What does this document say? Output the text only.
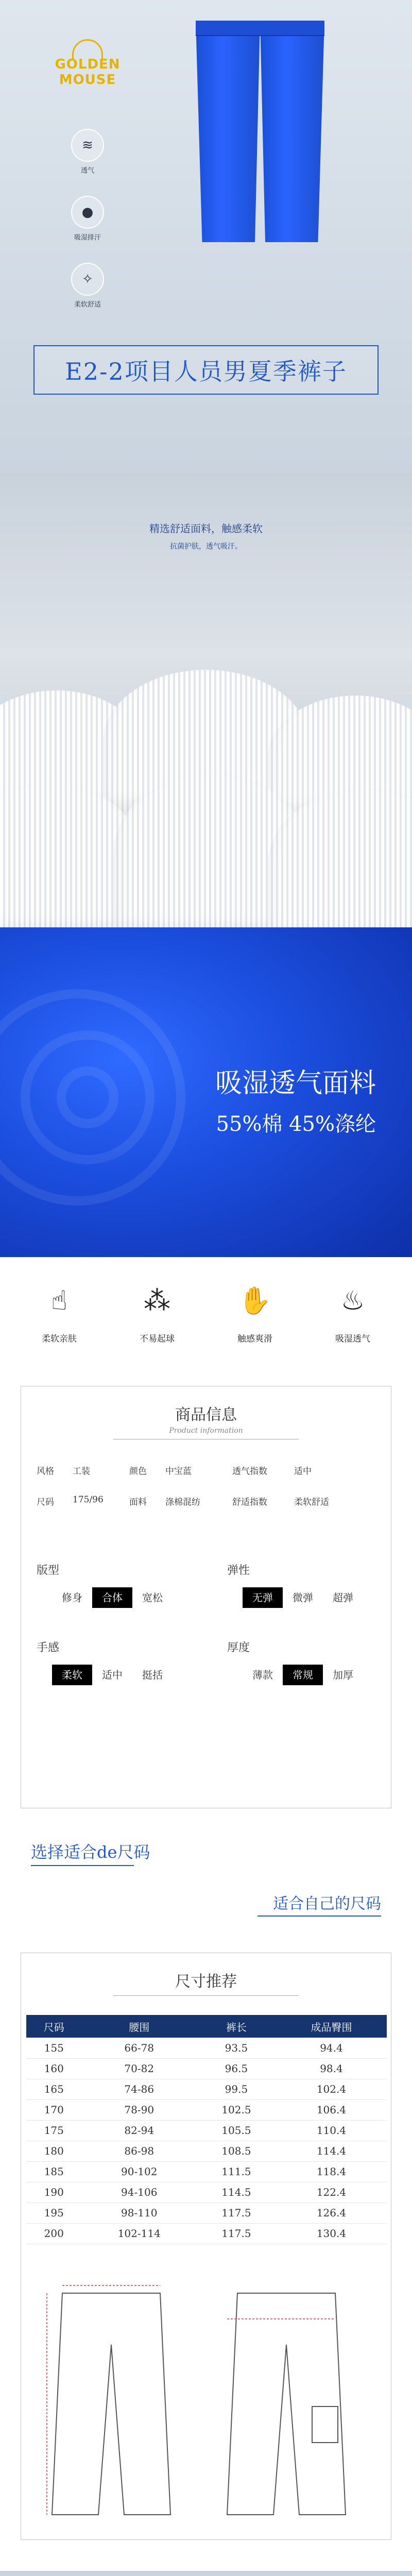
GOLDEN MOUSE
≋
透气
●
吸湿排汗
✧
柔软舒适
E2-2项目人员男夏季裤子
精选舒适面料，触感柔软
抗菌护肤，透气吸汗。
吸湿透气面料
55%棉 45%涤纶
☝
柔软亲肤
⁂
不易起球
✋
触感爽滑
♨
吸湿透气
商品信息
Product information
风格	工装	颜色	中宝蓝	透气指数	适中
尺码	175/96	面料	涤棉混纺	舒适指数	柔软舒适
版型
修身	合体	宽松
弹性
无弹	微弹	超弹
手感
柔软	适中	挺括
厚度
薄款	常规	加厚
选择适合de尺码
适合自己的尺码
尺寸推荐
尺码	腰围	裤长	成品臀围
155	66-78	93.5	94.4
160	70-82	96.5	98.4
165	74-86	99.5	102.4
170	78-90	102.5	106.4
175	82-94	105.5	110.4
180	86-98	108.5	114.4
185	90-102	111.5	118.4
190	94-106	114.5	122.4
195	98-110	117.5	126.4
200	102-114	117.5	130.4
